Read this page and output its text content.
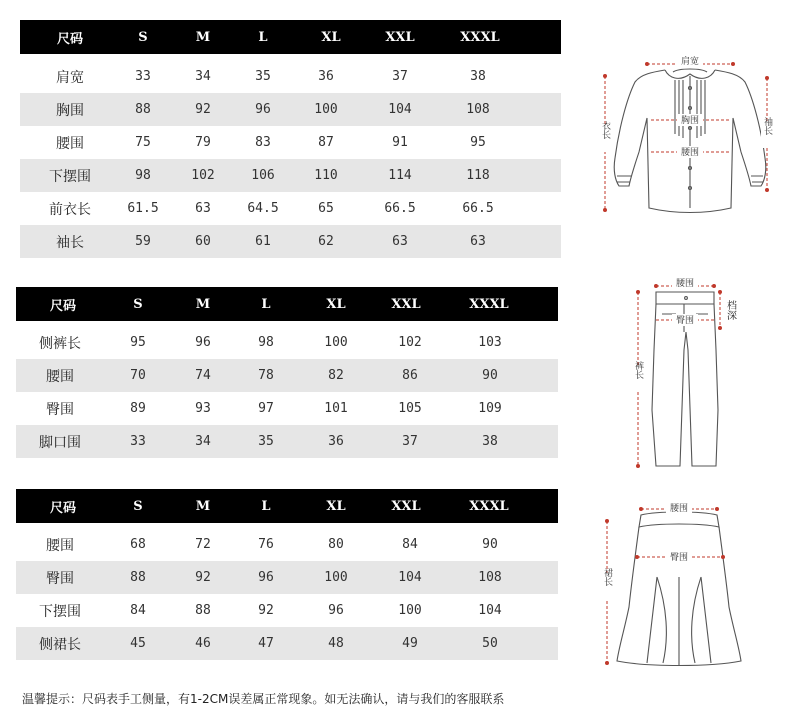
尺码	S	M	L	XL	XXL	XXXL
肩宽	33	34	35	36	37	38
胸围	88	92	96	100	104	108
腰围	75	79	83	87	91	95
下摆围	98	102	106	110	114	118
前衣长	61.5	63	64.5	65	66.5	66.5
袖长	59	60	61	62	63	63
尺码	S	M	L	XL	XXL	XXXL
侧裤长	95	96	98	100	102	103
腰围	70	74	78	82	86	90
臀围	89	93	97	101	105	109
脚口围	33	34	35	36	37	38
尺码	S	M	L	XL	XXL	XXXL
腰围	68	72	76	80	84	90
臀围	88	92	96	100	104	108
下摆围	84	88	92	96	100	104
侧裙长	45	46	47	48	49	50
肩宽
胸围
腰围
衣长	袖长
腰围
臀围
档深
裤长
腰围
臀围
裙长
温馨提示：尺码表手工侧量，有1-2CM误差属正常现象。如无法确认，请与我们的客服联系
